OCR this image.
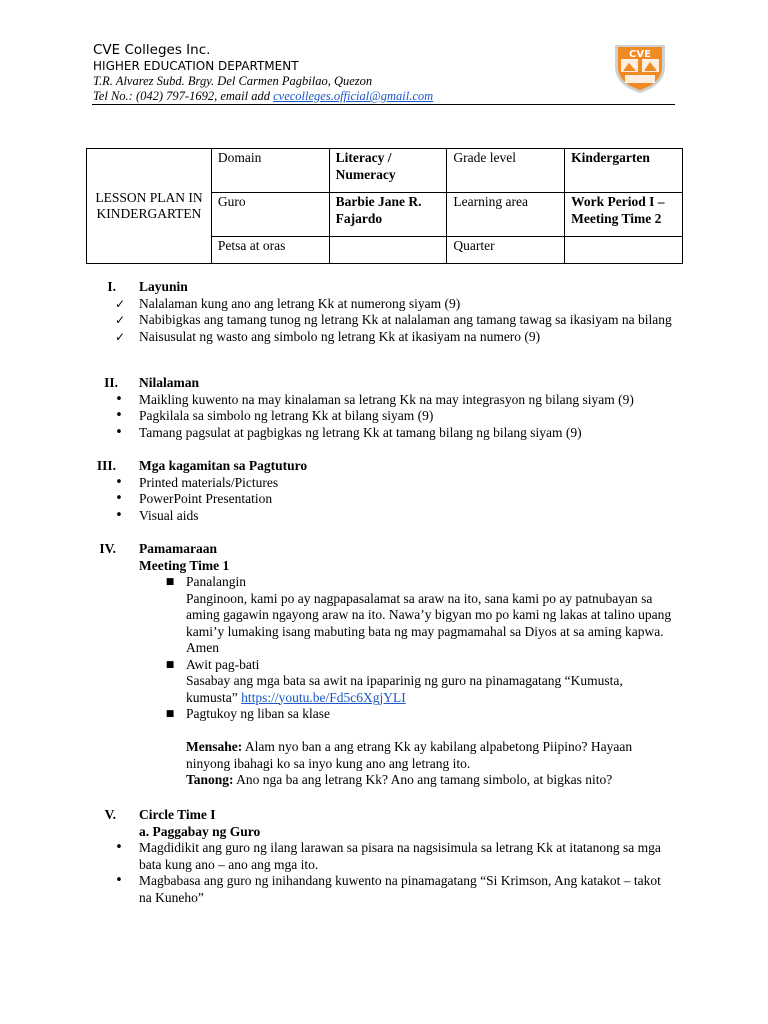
CVE Colleges Inc.
HIGHER EDUCATION DEPARTMENT
T.R. Alvarez Subd. Brgy. Del Carmen Pagbilao, Quezon
Tel No.: (042) 797-1692, email add cvecolleges.official@gmail.com
CVE
LESSON PLAN IN KINDERGARTEN	Domain	Literacy / Numeracy	Grade level	Kindergarten
	Guro	Barbie Jane R. Fajardo	Learning area	Work Period I – Meeting Time 2
	Petsa at oras		Quarter	
I. Layunin
✓ Nalalaman kung ano ang letrang Kk at numerong siyam (9)
✓ Nabibigkas ang tamang tunog ng letrang Kk at nalalaman ang tamang tawag sa ikasiyam na bilang
✓ Naisusulat ng wasto ang simbolo ng letrang Kk at ikasiyam na numero (9)
II. Nilalaman
• Maikling kuwento na may kinalaman sa letrang Kk na may integrasyon ng bilang siyam (9)
• Pagkilala sa simbolo ng letrang Kk at bilang siyam (9)
• Tamang pagsulat at pagbigkas ng letrang Kk at tamang bilang ng bilang siyam (9)
III. Mga kagamitan sa Pagtuturo
• Printed materials/Pictures
• PowerPoint Presentation
• Visual aids
IV. Pamamaraan
Meeting Time 1
■ Panalangin
Panginoon, kami po ay nagpapasalamat sa araw na ito, sana kami po ay patnubayan sa aming gagawin ngayong araw na ito. Nawa’y bigyan mo po kami ng lakas at talino upang kami’y lumaking isang mabuting bata ng may pagmamahal sa Diyos at sa aming kapwa. Amen
■ Awit pag-bati
Sasabay ang mga bata sa awit na ipaparinig ng guro na pinamagatang “Kumusta, kumusta” https://youtu.be/Fd5c6XgjYLI
■ Pagtukoy ng liban sa klase
Mensahe: Alam nyo ban a ang etrang Kk ay kabilang alpabetong Piipino? Hayaan ninyong ibahagi ko sa inyo kung ano ang letrang ito.
Tanong: Ano nga ba ang letrang Kk? Ano ang tamang simbolo, at bigkas nito?
V. Circle Time I
a. Paggabay ng Guro
• Magdidikit ang guro ng ilang larawan sa pisara na nagsisimula sa letrang Kk at itatanong sa mga bata kung ano – ano ang mga ito.
• Magbabasa ang guro ng inihandang kuwento na pinamagatang “Si Krimson, Ang katakot – takot na Kuneho”
